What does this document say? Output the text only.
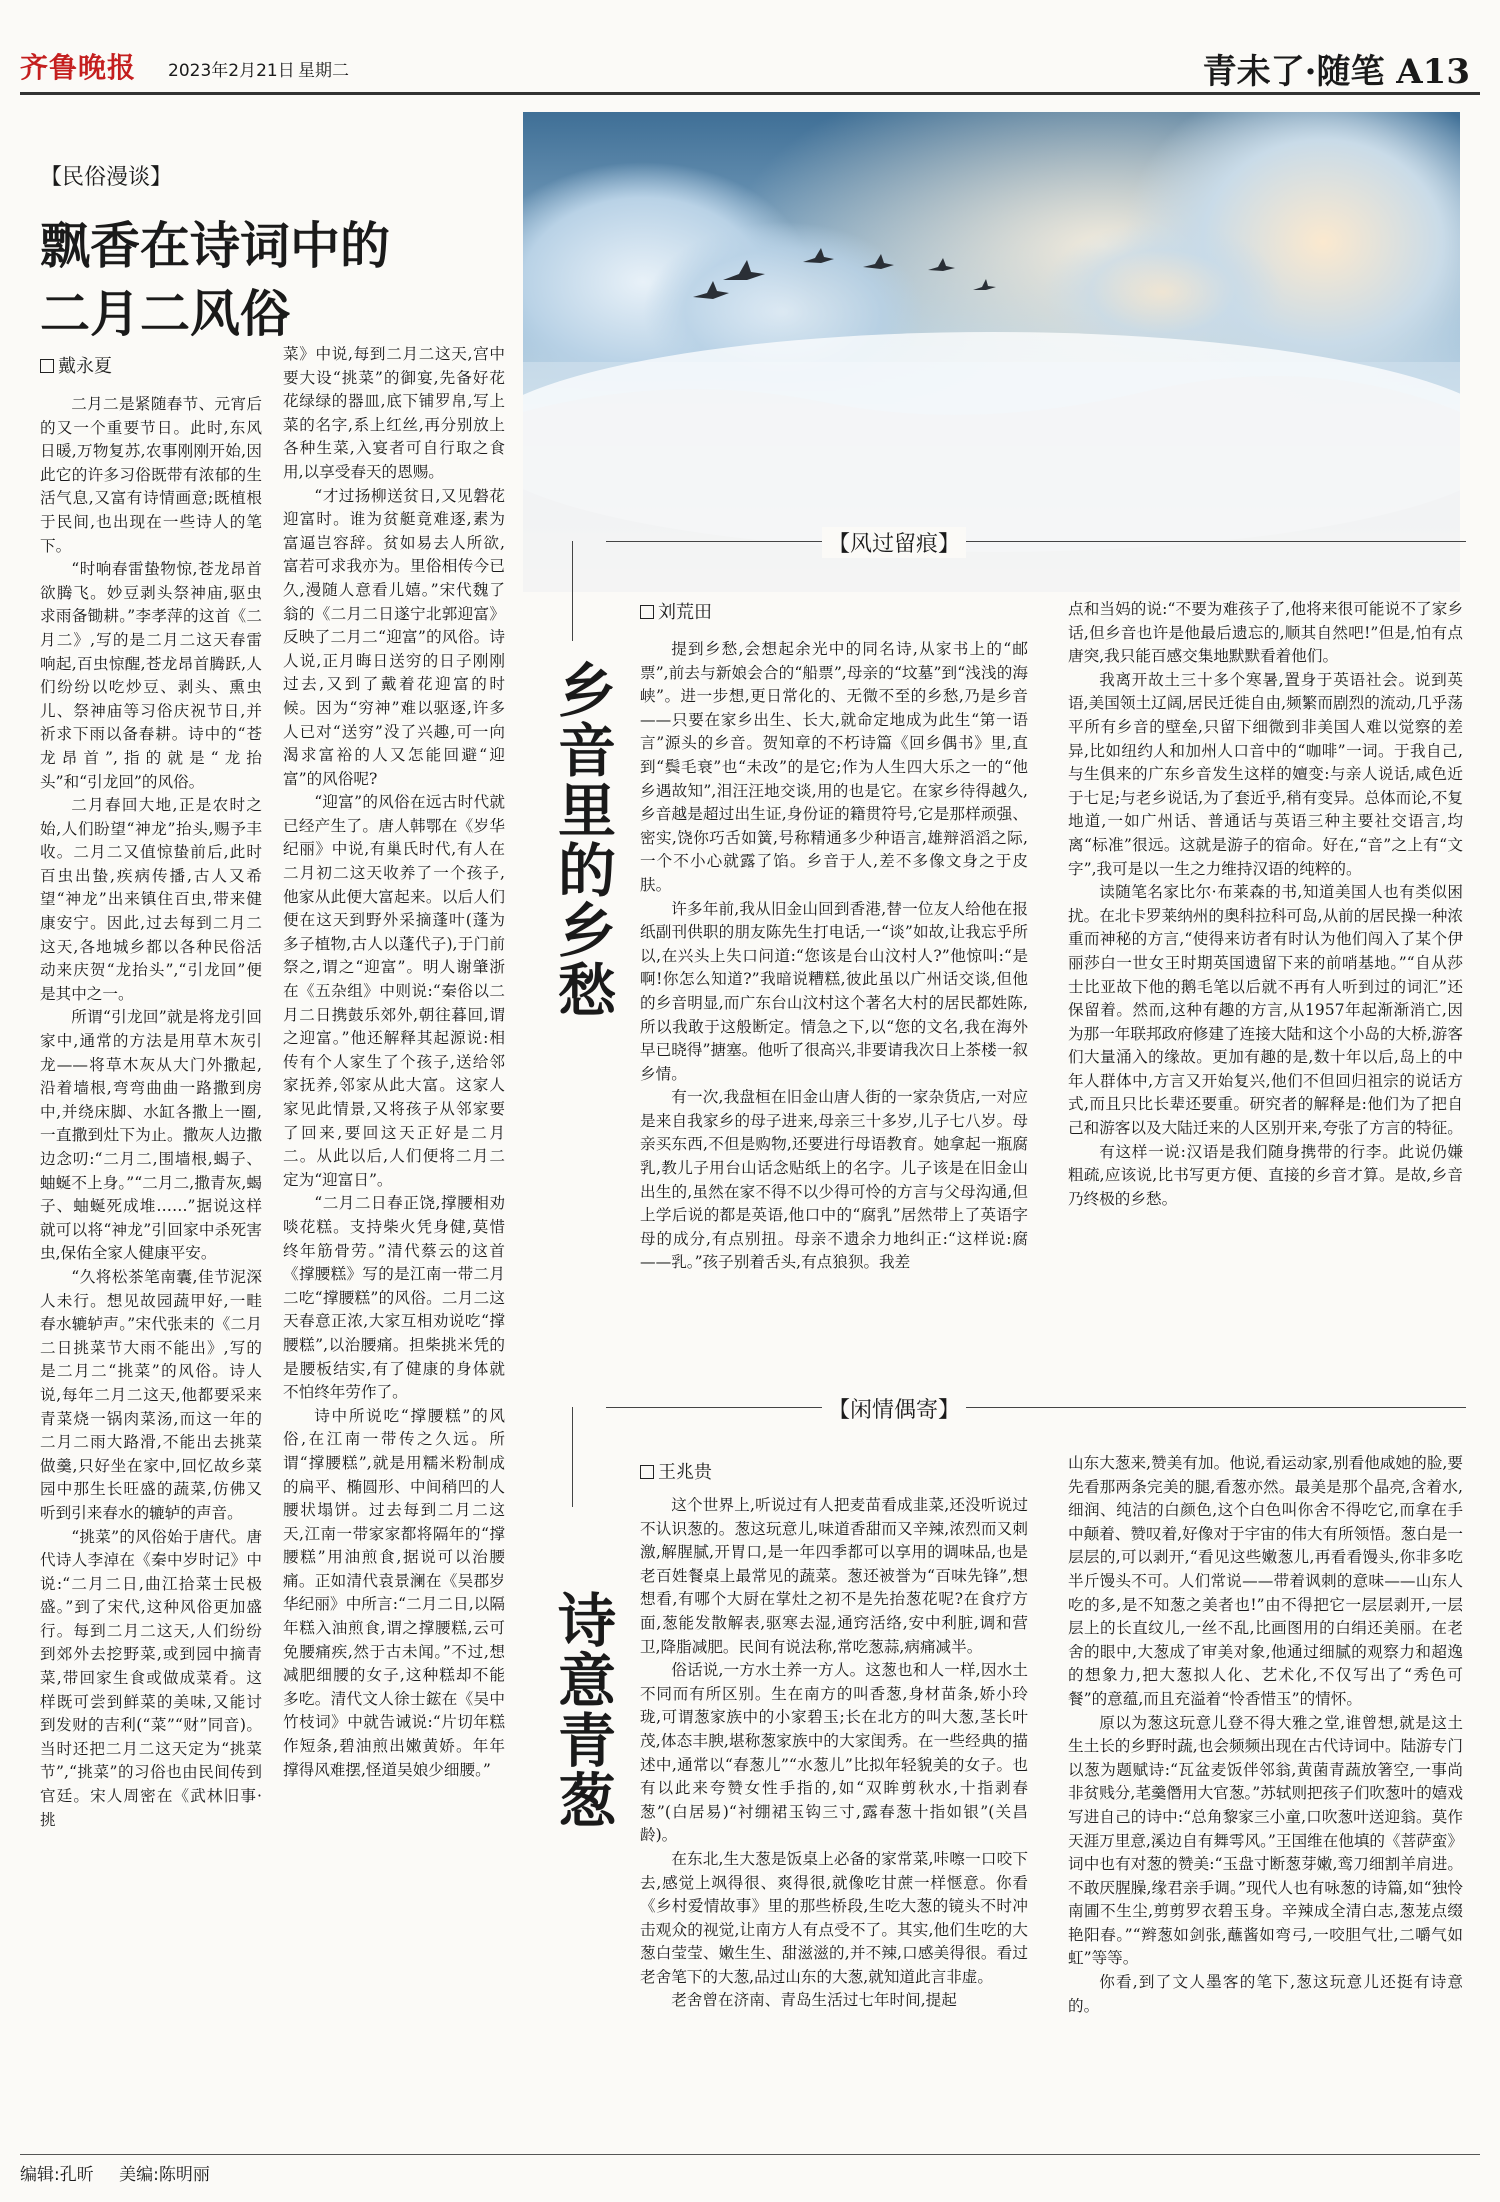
齐鲁晚报 2023年2月21日 星期二	青未了·随笔 A13
【民俗漫谈】
飘香在诗词中的
二月二风俗
戴永夏

二月二是紧随春节、元宵后的又一个重要节日。此时,东风日暖,万物复苏,农事刚刚开始,因此它的许多习俗既带有浓郁的生活气息,又富有诗情画意;既植根于民间,也出现在一些诗人的笔下。

“时响春雷蛰物惊,苍龙昂首欲腾飞。妙豆剥头祭神庙,驱虫求雨备锄耕。”李孝萍的这首《二月二》,写的是二月二这天春雷响起,百虫惊醒,苍龙昂首腾跃,人们纷纷以吃炒豆、剥头、熏虫儿、祭神庙等习俗庆祝节日,并祈求下雨以备春耕。诗中的“苍龙昂首”,指的就是“龙抬头”和“引龙回”的风俗。

二月春回大地,正是农时之始,人们盼望“神龙”抬头,赐予丰收。二月二又值惊蛰前后,此时百虫出蛰,疾病传播,古人又希望“神龙”出来镇住百虫,带来健康安宁。因此,过去每到二月二这天,各地城乡都以各种民俗活动来庆贺“龙抬头”,“引龙回”便是其中之一。

所谓“引龙回”就是将龙引回家中,通常的方法是用草木灰引龙——将草木灰从大门外撒起,沿着墙根,弯弯曲曲一路撒到房中,并绕床脚、水缸各撒上一圈,一直撒到灶下为止。撒灰人边撒边念叨:“二月二,围墙根,蝎子、蚰蜒不上身。”“二月二,撒青灰,蝎子、蚰蜒死成堆……”据说这样就可以将“神龙”引回家中杀死害虫,保佑全家人健康平安。

“久将松茶笔南囊,佳节泥深人未行。想见故园蔬甲好,一畦春水辘轳声。”宋代张耒的《二月二日挑菜节大雨不能出》,写的是二月二“挑菜”的风俗。诗人说,每年二月二这天,他都要采来青菜烧一锅肉菜汤,而这一年的二月二雨大路滑,不能出去挑菜做羹,只好坐在家中,回忆故乡菜园中那生长旺盛的蔬菜,仿佛又听到引来春水的辘轳的声音。

“挑菜”的风俗始于唐代。唐代诗人李淖在《秦中岁时记》中说:“二月二日,曲江拾菜士民极盛。”到了宋代,这种风俗更加盛行。每到二月二这天,人们纷纷到郊外去挖野菜,或到园中摘青菜,带回家生食或做成菜肴。这样既可尝到鲜菜的美味,又能讨到发财的吉利(“菜”“财”同音)。当时还把二月二这天定为“挑菜节”,“挑菜”的习俗也由民间传到官廷。宋人周密在《武林旧事·挑

菜》中说,每到二月二这天,宫中要大设“挑菜”的御宴,先备好花花绿绿的器皿,底下铺罗帛,写上菜的名字,系上红丝,再分别放上各种生菜,入宴者可自行取之食用,以享受春天的恩赐。

“才过扬柳送贫日,又见磐花迎富时。谁为贫艇竟难逐,素为富逼岂容辞。贫如易去人所欲,富若可求我亦为。里俗相传今已久,漫随人意看儿嬉。”宋代魏了翁的《二月二日遂宁北郭迎富》反映了二月二“迎富”的风俗。诗人说,正月晦日送穷的日子刚刚过去,又到了戴着花迎富的时候。因为“穷神”难以驱逐,许多人已对“送穷”没了兴趣,可一向渴求富裕的人又怎能回避“迎富”的风俗呢?

“迎富”的风俗在远古时代就已经产生了。唐人韩鄂在《岁华纪丽》中说,有巢氏时代,有人在二月初二这天收养了一个孩子,他家从此便大富起来。以后人们便在这天到野外采摘蓬叶(蓬为多子植物,古人以蓬代子),于门前祭之,谓之“迎富”。明人谢肇浙在《五杂组》中则说:“秦俗以二月二日携鼓乐郊外,朝往暮回,谓之迎富。”他还解释其起源说:相传有个人家生了个孩子,送给邻家抚养,邻家从此大富。这家人家见此情景,又将孩子从邻家要了回来,要回这天正好是二月二。从此以后,人们便将二月二定为“迎富日”。

“二月二日春正饶,撑腰相劝啖花糕。支持柴火凭身健,莫惜终年筋骨劳。”清代蔡云的这首《撑腰糕》写的是江南一带二月二吃“撑腰糕”的风俗。二月二这天春意正浓,大家互相劝说吃“撑腰糕”,以治腰痛。担柴挑米凭的是腰板结实,有了健康的身体就不怕终年劳作了。

诗中所说吃“撑腰糕”的风俗,在江南一带传之久远。所谓“撑腰糕”,就是用糯米粉制成的扁平、椭圆形、中间稍凹的人腰状塌饼。过去每到二月二这天,江南一带家家都将隔年的“撑腰糕”用油煎食,据说可以治腰痛。正如清代袁景澜在《吴郡岁华纪丽》中所言:“二月二日,以隔年糕入油煎食,谓之撑腰糕,云可免腰痛疾,然于古未闻。”不过,想减肥细腰的女子,这种糕却不能多吃。清代文人徐士鋐在《吴中竹枝词》中就告诫说:“片切年糕作短条,碧油煎出嫩黄娇。年年撑得风难摆,怪道吴娘少细腰。”

【风过留痕】
乡音里的乡愁
刘荒田

提到乡愁,会想起余光中的同名诗,从家书上的“邮票”,前去与新娘会合的“船票”,母亲的“坟墓”到“浅浅的海峡”。进一步想,更日常化的、无微不至的乡愁,乃是乡音——只要在家乡出生、长大,就命定地成为此生“第一语言”源头的乡音。贺知章的不朽诗篇《回乡偶书》里,直到“鬓毛衰”也“未改”的是它;作为人生四大乐之一的“他乡遇故知”,泪汪汪地交谈,用的也是它。在家乡待得越久,乡音越是超过出生证,身份证的籍贯符号,它是那样顽强、密实,饶你巧舌如簧,号称精通多少种语言,雄辩滔滔之际,一个不小心就露了馅。乡音于人,差不多像文身之于皮肤。

许多年前,我从旧金山回到香港,替一位友人给他在报纸副刊供职的朋友陈先生打电话,一“谈”如故,让我忘乎所以,在兴头上失口问道:“您该是台山汶村人?”他惊叫:“是啊!你怎么知道?”我暗说糟糕,彼此虽以广州话交谈,但他的乡音明显,而广东台山汶村这个著名大村的居民都姓陈,所以我敢于这般断定。情急之下,以“您的文名,我在海外早已晓得”搪塞。他听了很高兴,非要请我次日上茶楼一叙乡情。

有一次,我盘桓在旧金山唐人街的一家杂货店,一对应是来自我家乡的母子进来,母亲三十多岁,儿子七八岁。母亲买东西,不但是购物,还要进行母语教育。她拿起一瓶腐乳,教儿子用台山话念贴纸上的名字。儿子该是在旧金山出生的,虽然在家不得不以少得可怜的方言与父母沟通,但上学后说的都是英语,他口中的“腐乳”居然带上了英语字母的成分,有点别扭。母亲不遗余力地纠正:“这样说:腐——乳。”孩子别着舌头,有点狼狈。我差

点和当妈的说:“不要为难孩子了,他将来很可能说不了家乡话,但乡音也许是他最后遗忘的,顺其自然吧!”但是,怕有点唐突,我只能百感交集地默默看着他们。

我离开故土三十多个寒暑,置身于英语社会。说到英语,美国领土辽阔,居民迁徙自由,频繁而剧烈的流动,几乎荡平所有乡音的壁垒,只留下细微到非美国人难以觉察的差异,比如纽约人和加州人口音中的“咖啡”一词。于我自己,与生俱来的广东乡音发生这样的嬗变:与亲人说话,咸色近于七足;与老乡说话,为了套近乎,稍有变异。总体而论,不复地道,一如广州话、普通话与英语三种主要社交语言,均离“标准”很远。这就是游子的宿命。好在,“音”之上有“文字”,我可是以一生之力维持汉语的纯粹的。

读随笔名家比尔·布莱森的书,知道美国人也有类似困扰。在北卡罗莱纳州的奥科拉科可岛,从前的居民操一种浓重而神秘的方言,“使得来访者有时认为他们闯入了某个伊丽莎白一世女王时期英国遗留下来的前哨基地。”“自从莎士比亚故下他的鹅毛笔以后就不再有人听到过的词汇”还保留着。然而,这种有趣的方言,从1957年起渐渐消亡,因为那一年联邦政府修建了连接大陆和这个小岛的大桥,游客们大量涌入的缘故。更加有趣的是,数十年以后,岛上的中年人群体中,方言又开始复兴,他们不但回归祖宗的说话方式,而且只比长辈还要重。研究者的解释是:他们为了把自己和游客以及大陆迁来的人区别开来,夸张了方言的特征。

有这样一说:汉语是我们随身携带的行李。此说仍嫌粗疏,应该说,比书写更方便、直接的乡音才算。是故,乡音乃终极的乡愁。

【闲情偶寄】
诗意青葱
王兆贵

这个世界上,听说过有人把麦苗看成韭菜,还没听说过不认识葱的。葱这玩意儿,味道香甜而又辛辣,浓烈而又刺激,解腥腻,开胃口,是一年四季都可以享用的调味品,也是老百姓餐桌上最常见的蔬菜。葱还被誉为“百味先锋”,想想看,有哪个大厨在掌灶之初不是先抬葱花呢?在食疗方面,葱能发散解表,驱寒去湿,通窍活络,安中利脏,调和营卫,降脂减肥。民间有说法称,常吃葱蒜,病痛减半。

俗话说,一方水土养一方人。这葱也和人一样,因水土不同而有所区别。生在南方的叫香葱,身材苗条,娇小玲珑,可谓葱家族中的小家碧玉;长在北方的叫大葱,茎长叶茂,体态丰腴,堪称葱家族中的大家闺秀。在一些经典的描述中,通常以“春葱儿”“水葱儿”比拟年轻貌美的女子。也有以此来夸赞女性手指的,如“双眸剪秋水,十指剥春葱”(白居易)“衬绷裙玉钩三寸,露春葱十指如银”(关昌龄)。

在东北,生大葱是饭桌上必备的家常菜,咔嚓一口咬下去,感觉上飒得很、爽得很,就像吃甘蔗一样惬意。你看《乡村爱情故事》里的那些桥段,生吃大葱的镜头不时冲击观众的视觉,让南方人有点受不了。其实,他们生吃的大葱白莹莹、嫩生生、甜滋滋的,并不辣,口感美得很。看过老舍笔下的大葱,品过山东的大葱,就知道此言非虚。

老舍曾在济南、青岛生活过七年时间,提起

山东大葱来,赞美有加。他说,看运动家,别看他咸她的脸,要先看那两条完美的腿,看葱亦然。最美是那个晶亮,含着水,细润、纯洁的白颜色,这个白色叫你舍不得吃它,而拿在手中颠着、赞叹着,好像对于宇宙的伟大有所领悟。葱白是一层层的,可以剥开,“看见这些嫩葱儿,再看看馒头,你非多吃半斤馒头不可。人们常说——带着讽刺的意味——山东人吃的多,是不知葱之美者也!”由不得把它一层层剥开,一层层上的长直纹儿,一丝不乱,比画图用的白绢还美丽。在老舍的眼中,大葱成了审美对象,他通过细腻的观察力和超逸的想象力,把大葱拟人化、艺术化,不仅写出了“秀色可餐”的意蕴,而且充溢着“怜香惜玉”的情怀。

原以为葱这玩意儿登不得大雅之堂,谁曾想,就是这土生土长的乡野时蔬,也会频频出现在古代诗词中。陆游专门以葱为题赋诗:“瓦盆麦饭伴邻翁,黄菌青蔬放箸空,一事尚非贫贱分,芼羹僭用大官葱。”苏轼则把孩子们吹葱叶的嬉戏写进自己的诗中:“总角黎家三小童,口吹葱叶送迎翁。莫作天涯万里意,溪边自有舞雩风。”王国维在他填的《菩萨蛮》词中也有对葱的赞美:“玉盘寸断葱芽嫩,鸾刀细割羊肩进。不敢厌腥臊,缘君亲手调。”现代人也有咏葱的诗篇,如“独怜南圃不生尘,剪剪罗衣碧玉身。辛辣成全清白志,葱茏点缀艳阳春。”“辫葱如剑张,蘸酱如弯弓,一咬胆气壮,二嚼气如虹”等等。

你看,到了文人墨客的笔下,葱这玩意儿还挺有诗意的。

编辑:孔昕 美编:陈明丽
